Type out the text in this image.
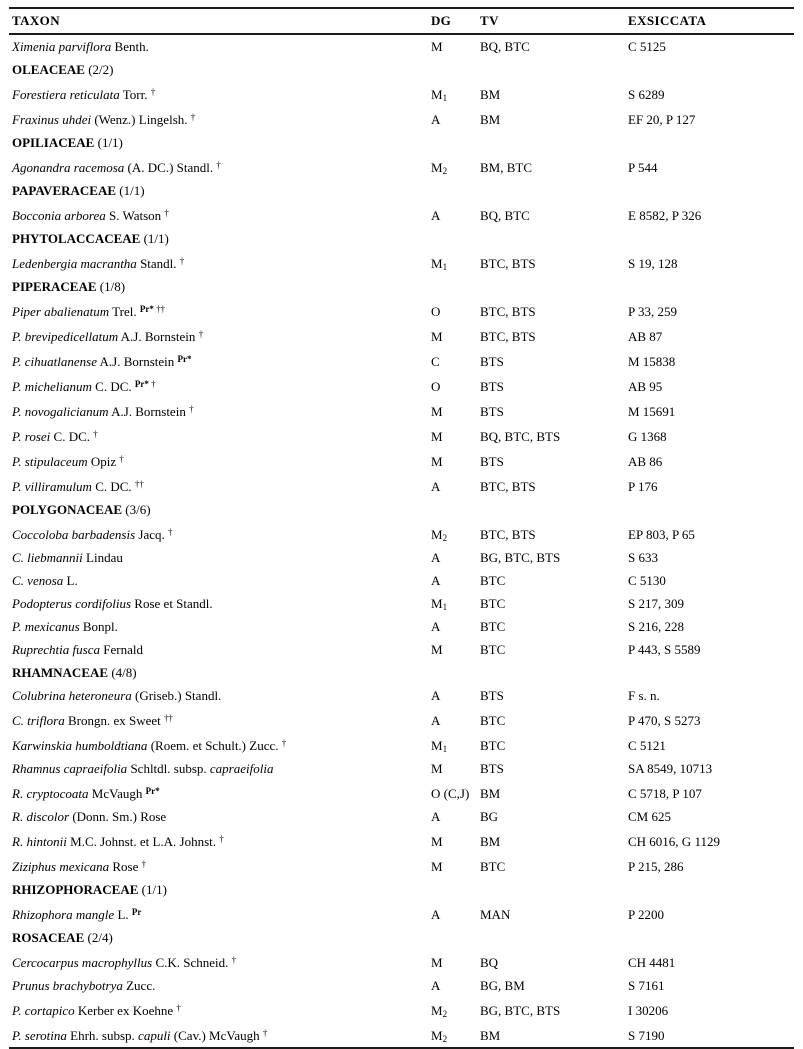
TAXON	DG	TV	EXSICCATA
Ximenia parviflora Benth.	M	BQ, BTC	C 5125
OLEACEAE (2/2)			
Forestiera reticulata Torr. †	$M_1$	BM	S 6289
Fraxinus uhdei (Wenz.) Lingelsh. †	A	BM	EF 20, P 127
OPILIACEAE (1/1)			
Agonandra racemosa (A. DC.) Standl. †	$M_2$	BM, BTC	P 544
PAPAVERACEAE (1/1)			
Bocconia arborea S. Watson †	A	BQ, BTC	E 8582, P 326
PHYTOLACCACEAE (1/1)			
Ledenbergia macrantha Standl. †	$M_1$	BTC, BTS	S 19, 128
PIPERACEAE (1/8)			
Piper abalienatum Trel. $^{Pr*}$ ††	O	BTC, BTS	P 33, 259
P. brevipedicellatum A.J. Bornstein †	M	BTC, BTS	AB 87
P. cihuatlanense A.J. Bornstein $^{Pr*}$	C	BTS	M 15838
P. michelianum C. DC. $^{Pr*}$ †	O	BTS	AB 95
P. novogalicianum A.J. Bornstein †	M	BTS	M 15691
P. rosei C. DC. †	M	BQ, BTC, BTS	G 1368
P. stipulaceum Opiz †	M	BTS	AB 86
P. villiramulum C. DC. ††	A	BTC, BTS	P 176
POLYGONACEAE (3/6)			
Coccoloba barbadensis Jacq. †	$M_2$	BTC, BTS	EP 803, P 65
C. liebmannii Lindau	A	BG, BTC, BTS	S 633
C. venosa L.	A	BTC	C 5130
Podopterus cordifolius Rose et Standl.	$M_1$	BTC	S 217, 309
P. mexicanus Bonpl.	A	BTC	S 216, 228
Ruprechtia fusca Fernald	M	BTC	P 443, S 5589
RHAMNACEAE (4/8)			
Colubrina heteroneura (Griseb.) Standl.	A	BTS	F s. n.
C. triflora Brongn. ex Sweet ††	A	BTC	P 470, S 5273
Karwinskia humboldtiana (Roem. et Schult.) Zucc. †	$M_1$	BTC	C 5121
Rhamnus capraeifolia Schltdl. subsp. capraeifolia	M	BTS	SA 8549, 10713
R. cryptocoata McVaugh $^{Pr*}$	O (C,J)	BM	C 5718, P 107
R. discolor (Donn. Sm.) Rose	A	BG	CM 625
R. hintonii M.C. Johnst. et L.A. Johnst. †	M	BM	CH 6016, G 1129
Ziziphus mexicana Rose †	M	BTC	P 215, 286
RHIZOPHORACEAE (1/1)			
Rhizophora mangle L. $^{Pr}$	A	MAN	P 2200
ROSACEAE (2/4)			
Cercocarpus macrophyllus C.K. Schneid. †	M	BQ	CH 4481
Prunus brachybotrya Zucc.	A	BG, BM	S 7161
P. cortapico Kerber ex Koehne †	$M_2$	BG, BTC, BTS	I 30206
P. serotina Ehrh. subsp. capuli (Cav.) McVaugh †	$M_2$	BM	S 7190
